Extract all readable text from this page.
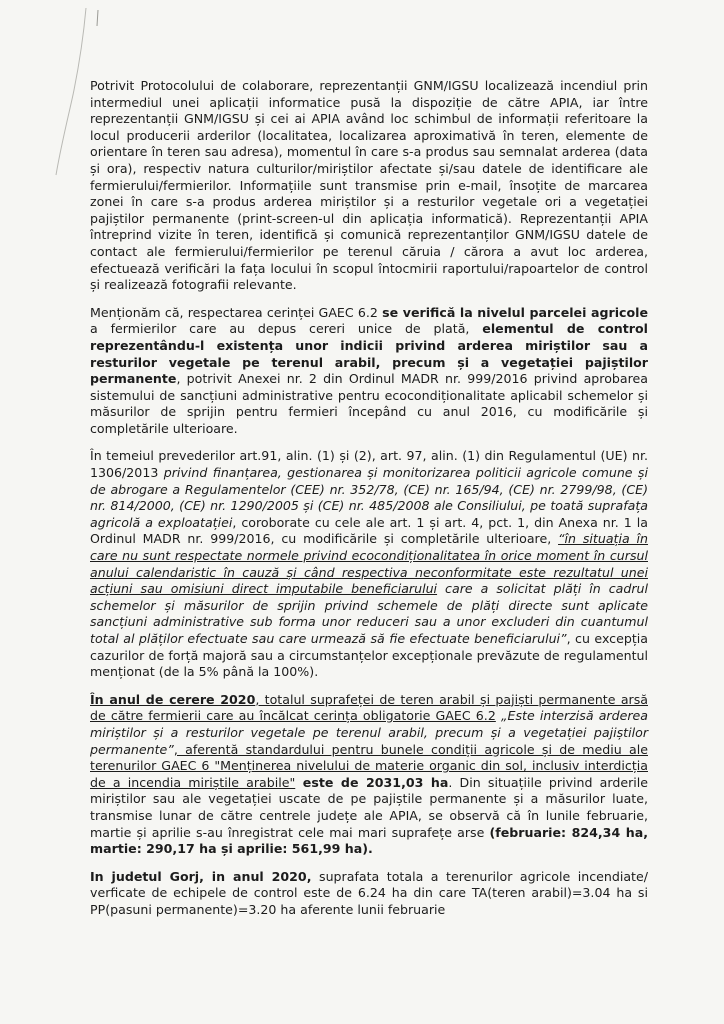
Potrivit Protocolului de colaborare, reprezentanții GNM/IGSU localizează incendiul prin intermediul unei aplicații informatice pusă la dispoziție de către APIA, iar între reprezentanții GNM/IGSU și cei ai APIA având loc schimbul de informații referitoare la locul producerii arderilor (localitatea, localizarea aproximativă în teren, elemente de orientare în teren sau adresa), momentul în care s-a produs sau semnalat arderea (data și ora), respectiv natura culturilor/miriștilor afectate și/sau datele de identificare ale fermierului/fermierilor. Informațiile sunt transmise prin e-mail, însoțite de marcarea zonei în care s-a produs arderea miriștilor și a resturilor vegetale ori a vegetației pajiștilor permanente (print-screen-ul din aplicația informatică). Reprezentanții APIA întreprind vizite în teren, identifică și comunică reprezentanților GNM/IGSU datele de contact ale fermierului/fermierilor pe terenul căruia / cărora a avut loc arderea, efectuează verificări la fața locului în scopul întocmirii raportului/rapoartelor de control și realizează fotografii relevante.

Menționăm că, respectarea cerinței GAEC 6.2 se verifică la nivelul parcelei agricole a fermierilor care au depus cereri unice de plată, elementul de control reprezentându-l existența unor indicii privind arderea miriștilor sau a resturilor vegetale pe terenul arabil, precum și a vegetației pajiștilor permanente, potrivit Anexei nr. 2 din Ordinul MADR nr. 999/2016 privind aprobarea sistemului de sancțiuni administrative pentru ecocondiționalitate aplicabil schemelor și măsurilor de sprijin pentru fermieri începând cu anul 2016, cu modificările și completările ulterioare.

În temeiul prevederilor art.91, alin. (1) și (2), art. 97, alin. (1) din Regulamentul (UE) nr. 1306/2013 privind finanțarea, gestionarea și monitorizarea politicii agricole comune și de abrogare a Regulamentelor (CEE) nr. 352/78, (CE) nr. 165/94, (CE) nr. 2799/98, (CE) nr. 814/2000, (CE) nr. 1290/2005 și (CE) nr. 485/2008 ale Consiliului, pe toată suprafața agricolă a exploatației, coroborate cu cele ale art. 1 și art. 4, pct. 1, din Anexa nr. 1 la Ordinul MADR nr. 999/2016, cu modificările și completările ulterioare, “în situația în care nu sunt respectate normele privind ecocondiționalitatea în orice moment în cursul anului calendaristic în cauză și când respectiva neconformitate este rezultatul unei acțiuni sau omisiuni direct imputabile beneficiarului care a solicitat plăți în cadrul schemelor și măsurilor de sprijin privind schemele de plăți directe sunt aplicate sancțiuni administrative sub forma unor reduceri sau a unor excluderi din cuantumul total al plăților efectuate sau care urmează să fie efectuate beneficiarului”, cu excepția cazurilor de forță majoră sau a circumstanțelor excepționale prevăzute de regulamentul menționat (de la 5% până la 100%).

În anul de cerere 2020, totalul suprafeței de teren arabil și pajiști permanente arsă de către fermierii care au încălcat cerința obligatorie GAEC 6.2 „Este interzisă arderea miriștilor și a resturilor vegetale pe terenul arabil, precum și a vegetației pajiștilor permanente”, aferentă standardului pentru bunele condiții agricole și de mediu ale terenurilor GAEC 6 "Menținerea nivelului de materie organic din sol, inclusiv interdicția de a incendia miriștile arabile" este de 2031,03 ha. Din situațiile privind arderile miriștilor sau ale vegetației uscate de pe pajiștile permanente și a măsurilor luate, transmise lunar de către centrele județe ale APIA, se observă că în lunile februarie, martie și aprilie s-au înregistrat cele mai mari suprafețe arse (februarie: 824,34 ha, martie: 290,17 ha și aprilie: 561,99 ha).

In judetul Gorj, in anul 2020, suprafata totala a terenurilor agricole incendiate/ verficate de echipele de control este de 6.24 ha din care TA(teren arabil)=3.04 ha si PP(pasuni permanente)=3.20 ha aferente lunii februarie
